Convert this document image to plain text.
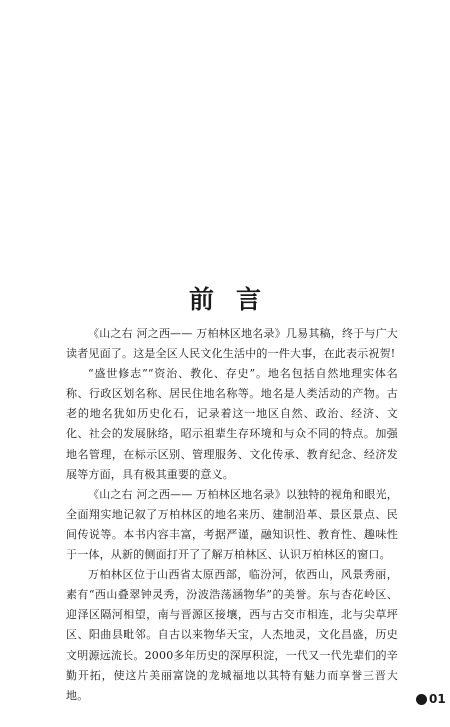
前言

《山之右 河之西—— 万柏林区地名录》几易其稿，终于与广大读者见面了。这是全区人民文化生活中的一件大事，在此表示祝贺!

“盛世修志”“资治、教化、存史”。地名包括自然地理实体名称、行政区划名称、居民住地名称等。地名是人类活动的产物。古老的地名犹如历史化石，记录着这一地区自然、政治、经济、文化、社会的发展脉络，昭示祖辈生存环境和与众不同的特点。加强地名管理，在标示区别、管理服务、文化传承、教育纪念、经济发展等方面，具有极其重要的意义。

《山之右 河之西—— 万柏林区地名录》以独特的视角和眼光，全面翔实地记叙了万柏林区的地名来历、建制沿革、景区景点、民间传说等。本书内容丰富，考据严谨，融知识性、教育性、趣味性于一体，从新的侧面打开了了解万柏林区、认识万柏林区的窗口。

万柏林区位于山西省太原西部，临汾河，依西山，风景秀丽，素有“西山叠翠钟灵秀，汾波浩荡涵物华”的美誉。东与杏花岭区、迎泽区隔河相望，南与晋源区接壤，西与古交市相连，北与尖草坪区、阳曲县毗邻。自古以来物华天宝，人杰地灵，文化昌盛，历史文明源远流长。2000多年历史的深厚积淀，一代又一代先辈们的辛勤开拓，使这片美丽富饶的龙城福地以其特有魅力而享誉三晋大地。	01
